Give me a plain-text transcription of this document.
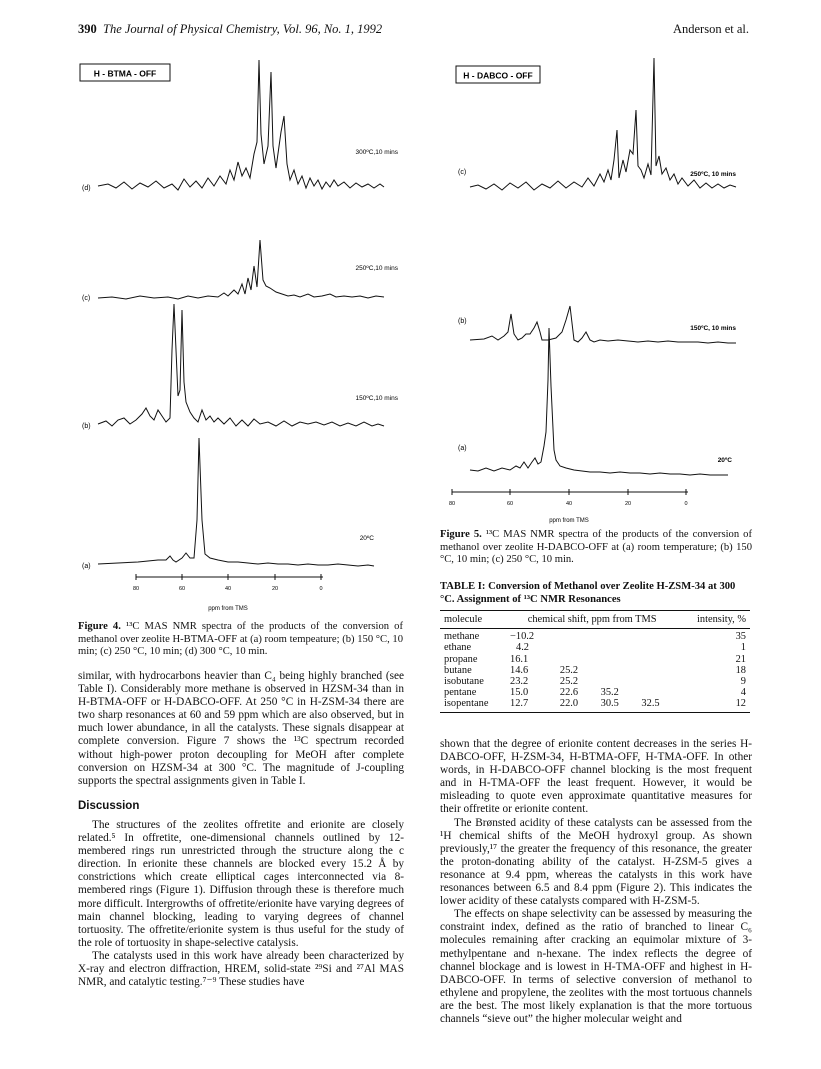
390 The Journal of Physical Chemistry, Vol. 96, No. 1, 1992	Anderson et al.
H - BTMA - OFF
(d)
300ºC,10 mins
(c)
250ºC,10 mins
(b)
150ºC,10 mins
(a)
20ºC
80	60	40	20	0
ppm from TMS
Figure 4. ¹³C MAS NMR spectra of the products of the conversion of methanol over zeolite H-BTMA-OFF at (a) room tempeature; (b) 150 °C, 10 min; (c) 250 °C, 10 min; (d) 300 °C, 10 min.
H - DABCO - OFF
(c)	250ºC, 10 mins
(b)
150ºC, 10 mins
(a)
20ºC
80	60	40	20	0
ppm from TMS
Figure 5. ¹³C MAS NMR spectra of the products of the conversion of methanol over zeolite H-DABCO-OFF at (a) room temperature; (b) 150 °C, 10 min; (c) 250 °C, 10 min.
TABLE I: Conversion of Methanol over Zeolite H-ZSM-34 at 300 °C. Assignment of ¹³C NMR Resonances
molecule	chemical shift, ppm from TMS				intensity, %
methane	−10.2				35
ethane	4.2				1
propane	16.1				21
butane	14.6	25.2			18
isobutane	23.2	25.2			9
pentane	15.0	22.6	35.2		4
isopentane	12.7	22.0	30.5	32.5	12

similar, with hydrocarbons heavier than C₄ being highly branched (see Table I). Considerably more methane is observed in HZSM-34 than in H-BTMA-OFF or H-DABCO-OFF. At 250 °C in H-ZSM-34 there are two sharp resonances at 60 and 59 ppm which are also observed, but in much lower abundance, in all the catalysts. These signals disappear at complete conversion. Figure 7 shows the ¹³C spectrum recorded without high-power proton decoupling for MeOH after complete conversion on HZSM-34 at 300 °C. The magnitude of J-coupling supports the spectral assignments given in Table I.

Discussion

The structures of the zeolites offretite and erionite are closely related.⁵ In offretite, one-dimensional channels outlined by 12-membered rings run unrestricted through the structure along the c direction. In erionite these channels are blocked every 15.2 Å by constrictions which create elliptical cages interconnected via 8-membered rings (Figure 1). Diffusion through these is therefore much more difficult. Intergrowths of offretite/erionite have varying degrees of main channel blocking, leading to varying degrees of channel tortuosity. The offretite/erionite system is thus useful for the study of the role of tortuosity in shape-selective catalysis.

The catalysts used in this work have already been characterized by X-ray and electron diffraction, HREM, solid-state ²⁹Si and ²⁷Al MAS NMR, and catalytic testing.⁷⁻⁹ These studies have

shown that the degree of erionite content decreases in the series H-DABCO-OFF, H-ZSM-34, H-BTMA-OFF, H-TMA-OFF. In other words, in H-DABCO-OFF channel blocking is the most frequent and in H-TMA-OFF the least frequent. However, it would be misleading to quote even approximate quantitative measures for their offretite or erionite content.

The Brønsted acidity of these catalysts can be assessed from the ¹H chemical shifts of the MeOH hydroxyl group. As shown previously,¹⁷ the greater the frequency of this resonance, the greater the proton-donating ability of the catalyst. H-ZSM-5 gives a resonance at 9.4 ppm, whereas the catalysts in this work have resonances between 6.5 and 8.4 ppm (Figure 2). This indicates the lower acidity of these catalysts compared with H-ZSM-5.

The effects on shape selectivity can be assessed by measuring the constraint index, defined as the ratio of branched to linear C₆ molecules remaining after cracking an equimolar mixture of 3-methylpentane and n-hexane. The index reflects the degree of channel blockage and is lowest in H-TMA-OFF and highest in H-DABCO-OFF. In terms of selective conversion of methanol to ethylene and propylene, the zeolites with the most tortuous channels are the best. The most likely explanation is that the more tortuous channels “sieve out” the higher molecular weight and
